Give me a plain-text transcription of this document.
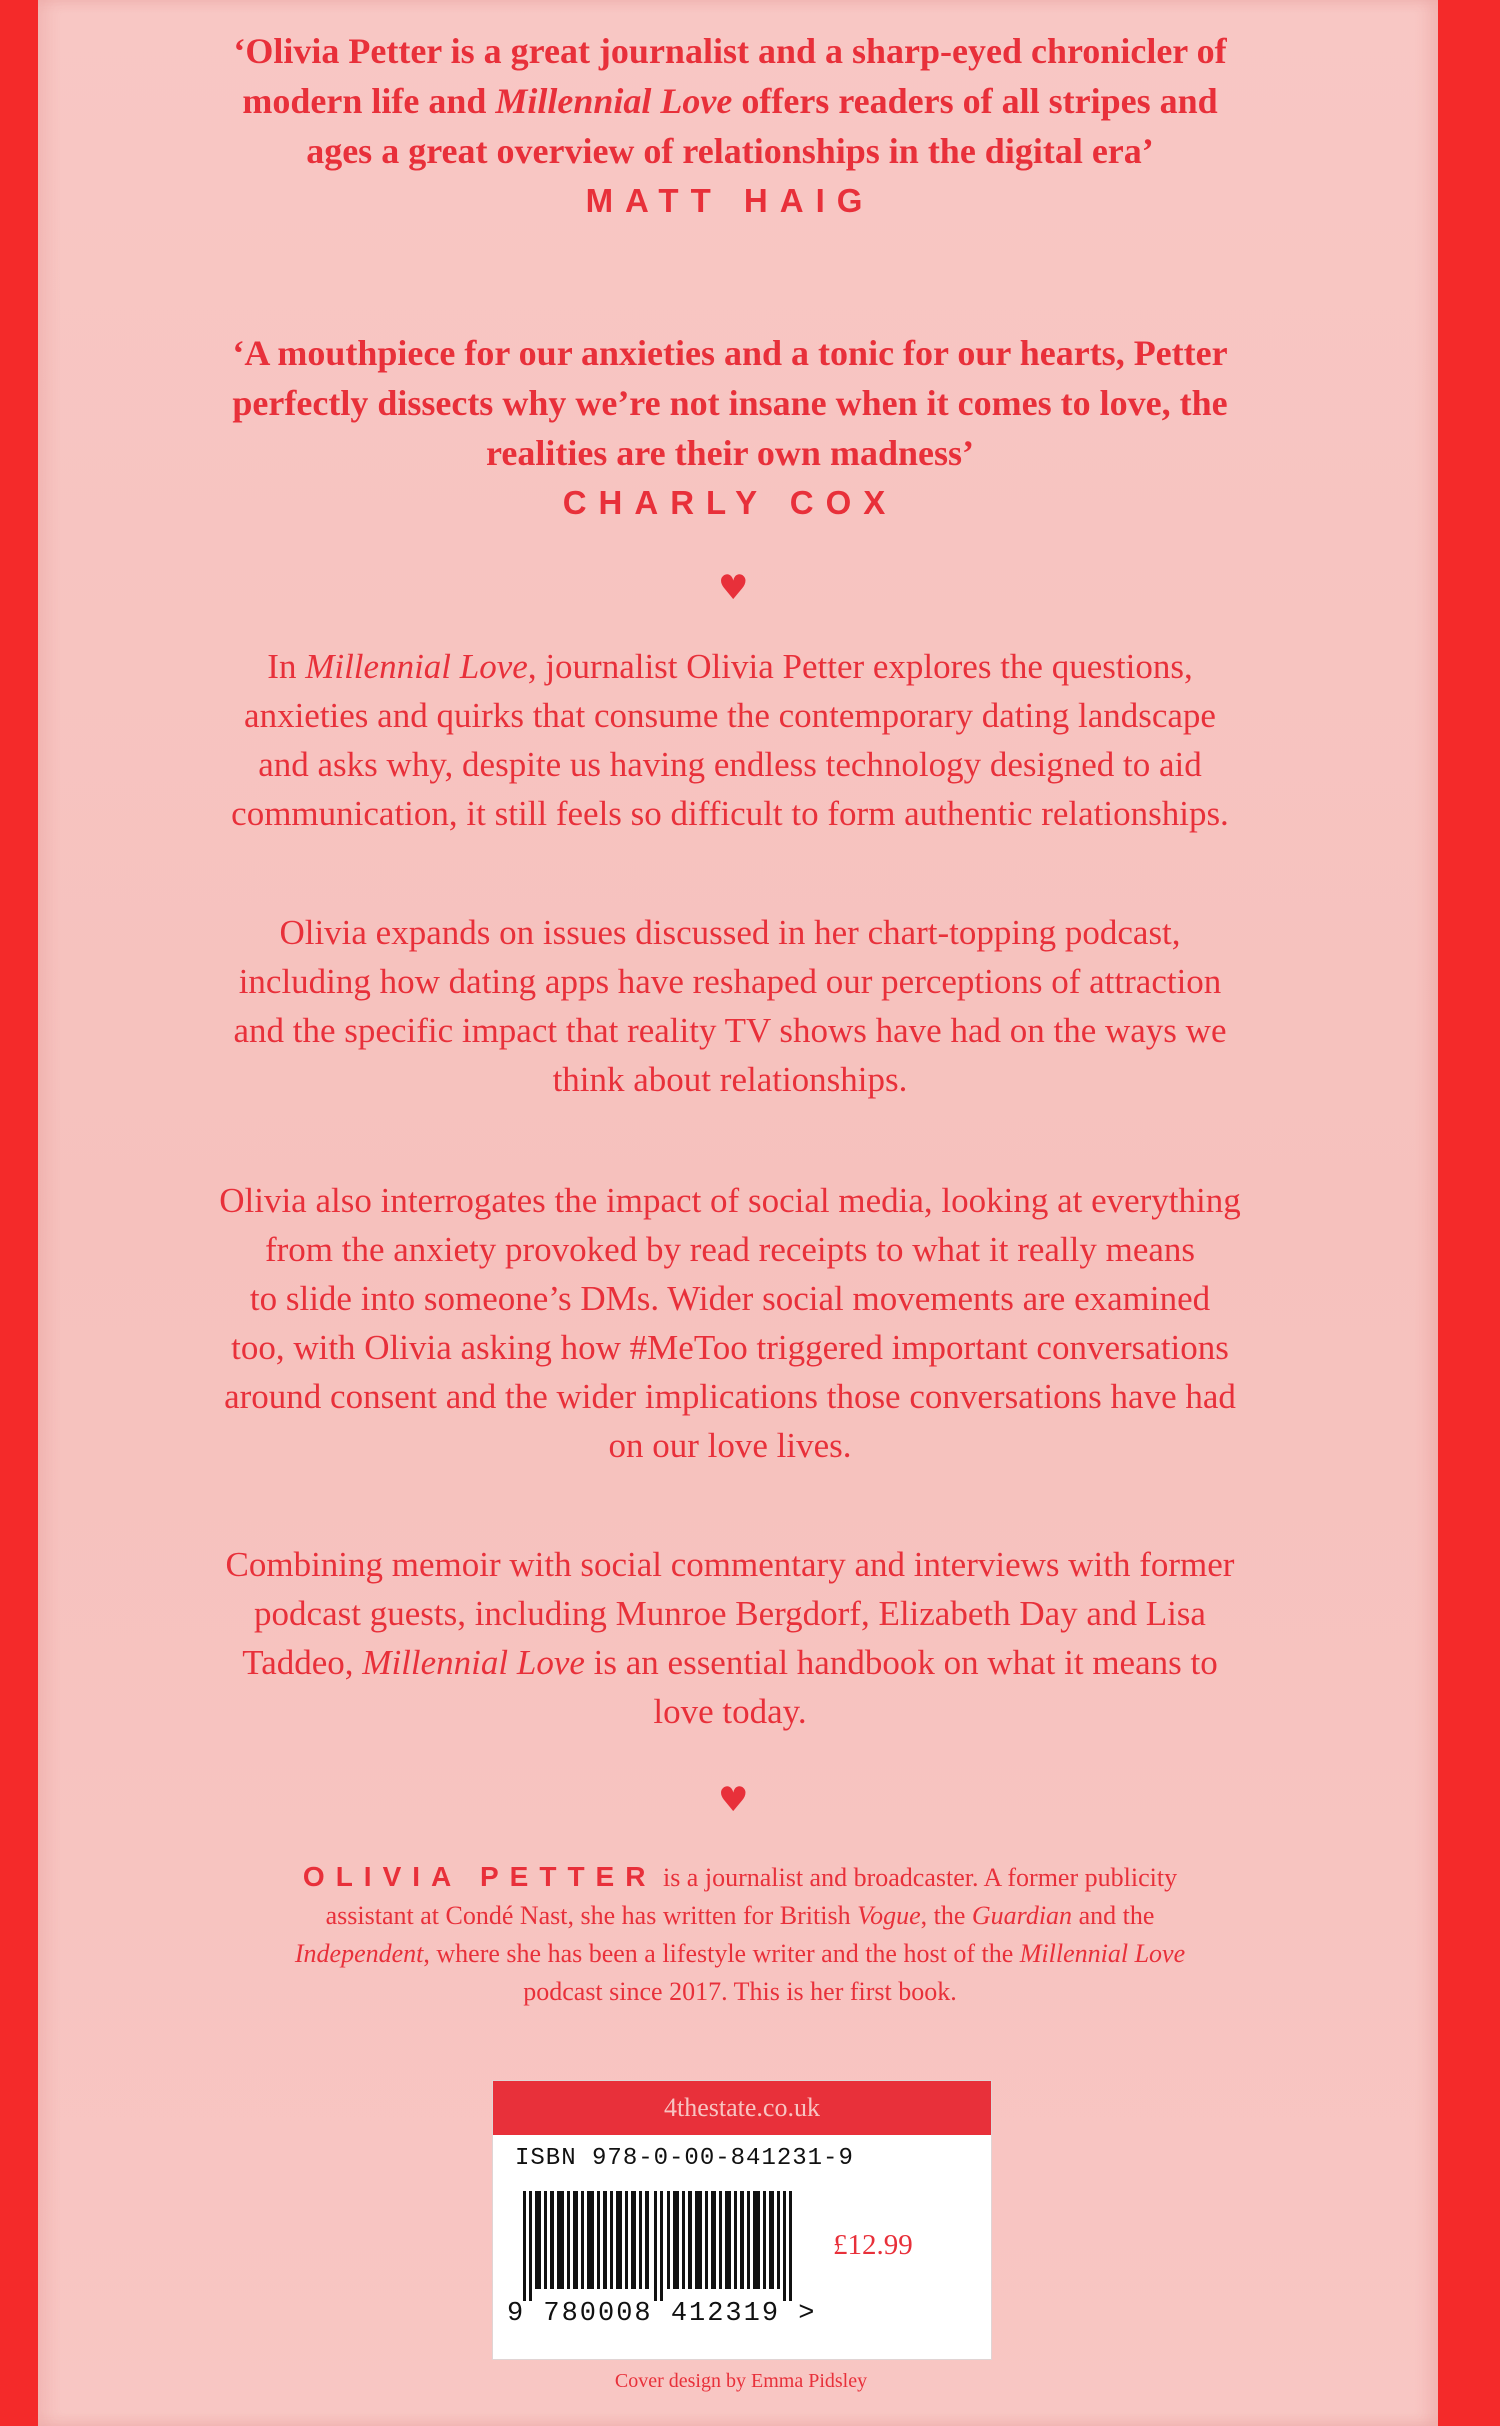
‘Olivia Petter is a great journalist and a sharp-eyed chronicler of

modern life and Millennial Love offers readers of all stripes and

ages a great overview of relationships in the digital era’

MATT HAIG

‘A mouthpiece for our anxieties and a tonic for our hearts, Petter

perfectly dissects why we’re not insane when it comes to love, the

realities are their own madness’

CHARLY COX
♥

In Millennial Love, journalist Olivia Petter explores the questions,
anxieties and quirks that consume the contemporary dating landscape
and asks why, despite us having endless technology designed to aid
communication, it still feels so difficult to form authentic relationships.

Olivia expands on issues discussed in her chart-topping podcast,
including how dating apps have reshaped our perceptions of attraction
and the specific impact that reality TV shows have had on the ways we
think about relationships.

Olivia also interrogates the impact of social media, looking at everything
from the anxiety provoked by read receipts to what it really means
to slide into someone’s DMs. Wider social movements are examined
too, with Olivia asking how #MeToo triggered important conversations
around consent and the wider implications those conversations have had
on our love lives.

Combining memoir with social commentary and interviews with former
podcast guests, including Munroe Bergdorf, Elizabeth Day and Lisa
Taddeo, Millennial Love is an essential handbook on what it means to
love today.

♥

OLIVIA PETTER is a journalist and broadcaster. A former publicity
assistant at Condé Nast, she has written for British Vogue, the Guardian and the
Independent, where she has been a lifestyle writer and the host of the Millennial Love
podcast since 2017. This is her first book.

4thestate.co.uk
ISBN 978-0-00-841231-9
£12.99
9 780008 412319 >
Cover design by Emma Pidsley
